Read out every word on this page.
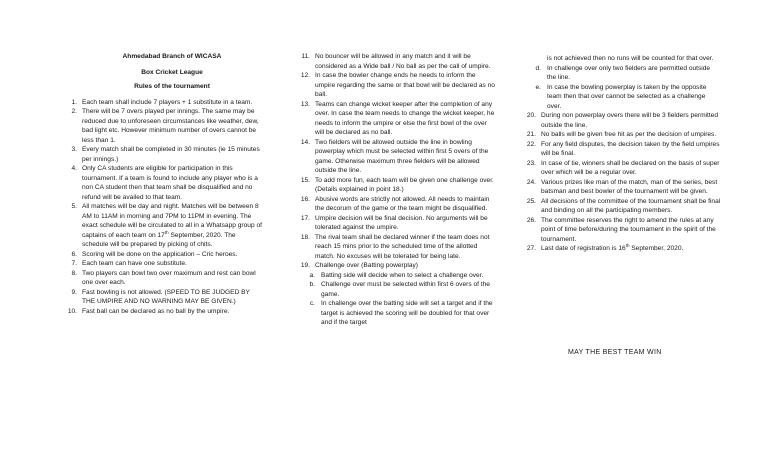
Ahmedabad Branch of WICASA
Box Cricket League
Rules of the tournament
1. Each team shall include 7 players + 1 substitute in a team.
2. There will be 7 overs played per innings. The same may be reduced due to unforeseen circumstances like weather, dew, bad light etc. However minimum number of overs cannot be less than 1.
3. Every match shall be completed in 30 minutes (ie 15 minutes per innings.)
4. Only CA students are eligible for participation in this tournament. If a team is found to include any player who is a non CA student then that team shall be disqualified and no refund will be availed to that team.
5. All matches will be day and night. Matches will be between 8 AM to 11AM in morning and 7PM to 11PM in evening. The exact schedule will be circulated to all in a Whatsapp group of captains of each team on 17th September, 2020. The schedule will be prepared by picking of chits.
6. Scoring will be done on the application – Cric heroes.
7. Each team can have one substitute.
8. Two players can bowl two over maximum and rest can bowl one over each.
9. Fast bowling is not allowed. (SPEED TO BE JUDGED BY THE UMPIRE AND NO WARNING MAY BE GIVEN.)
10. Fast ball can be declared as no ball by the umpire.
11. No bouncer will be allowed in any match and it will be considered as a Wide ball / No ball as per the call of umpire.
12. In case the bowler change ends he needs to inform the umpire regarding the same or that bowl will be declared as no ball.
13. Teams can change wicket keeper after the completion of any over. In case the team needs to change the wicket keeper, he needs to inform the umpire or else the first bowl of the over will be declared as no ball.
14. Two fielders will be allowed outside the line in bowling powerplay which must be selected within first 5 overs of the game. Otherwise maximum three fielders will be allowed outside the line.
15. To add more fun, each team will be given one challenge over. (Details explained in point 18.)
16. Abusive words are strictly not allowed. All needs to maintain the decorum of the game or the team might be disqualified.
17. Umpire decision will be final decision. No arguments will be tolerated against the umpire.
18. The rival team shall be declared winner if the team does not reach 15 mins prior to the scheduled time of the allotted match. No excuses will be tolerated for being late.
19. Challenge over (Batting powerplay)
a. Batting side will decide when to select a challenge over.
b. Challenge over must be selected within first 6 overs of the game.
c. In challenge over the batting side will set a target and if the target is achieved the scoring will be doubled for that over and if the target
is not achieved then no runs will be counted for that over.
d. In challenge over only two fielders are permitted outside the line.
e. In case the bowling powerplay is taken by the opposite team then that over cannot be selected as a challenge over.
20. During non powerplay overs there will be 3 fielders permitted outside the line.
21. No balls will be given free hit as per the decision of umpires.
22. For any field disputes, the decision taken by the field umpires will be final.
23. In case of tie, winners shall be declared on the basis of super over which will be a regular over.
24. Various prizes like man of the match, man of the series, best batsman and best bowler of the tournament will be given.
25. All decisions of the committee of the tournament shall be final and binding on all the participating members.
26. The committee reserves the right to amend the rules at any point of time before/during the tournament in the spirit of the tournament.
27. Last date of registration is 16th September, 2020.
MAY THE BEST TEAM WIN
